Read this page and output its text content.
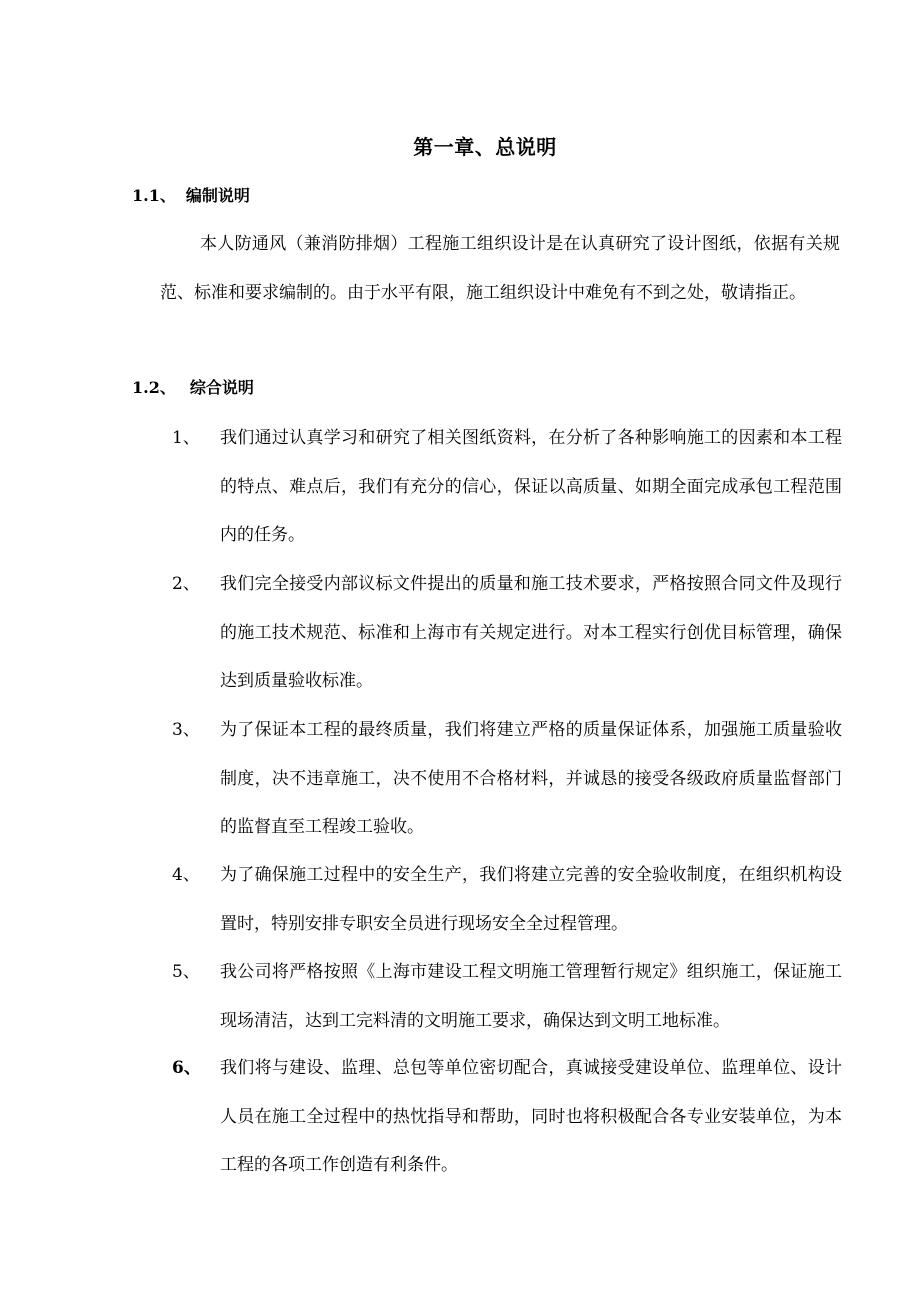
第一章、总说明
1.1、 编制说明

本人防通风（兼消防排烟）工程施工组织设计是在认真研究了设计图纸，依据有关规范、标准和要求编制的。由于水平有限，施工组织设计中难免有不到之处，敬请指正。

1.2、 综合说明
1、	我们通过认真学习和研究了相关图纸资料，在分析了各种影响施工的因素和本工程的特点、难点后，我们有充分的信心，保证以高质量、如期全面完成承包工程范围内的任务。
2、	我们完全接受内部议标文件提出的质量和施工技术要求，严格按照合同文件及现行的施工技术规范、标准和上海市有关规定进行。对本工程实行创优目标管理，确保达到质量验收标准。
3、	为了保证本工程的最终质量，我们将建立严格的质量保证体系，加强施工质量验收制度，决不违章施工，决不使用不合格材料，并诚恳的接受各级政府质量监督部门的监督直至工程竣工验收。
4、	为了确保施工过程中的安全生产，我们将建立完善的安全验收制度，在组织机构设置时，特别安排专职安全员进行现场安全全过程管理。
5、	我公司将严格按照《上海市建设工程文明施工管理暂行规定》组织施工，保证施工现场清洁，达到工完料清的文明施工要求，确保达到文明工地标准。
6、	我们将与建设、监理、总包等单位密切配合，真诚接受建设单位、监理单位、设计人员在施工全过程中的热忱指导和帮助，同时也将积极配合各专业安装单位，为本工程的各项工作创造有利条件。
